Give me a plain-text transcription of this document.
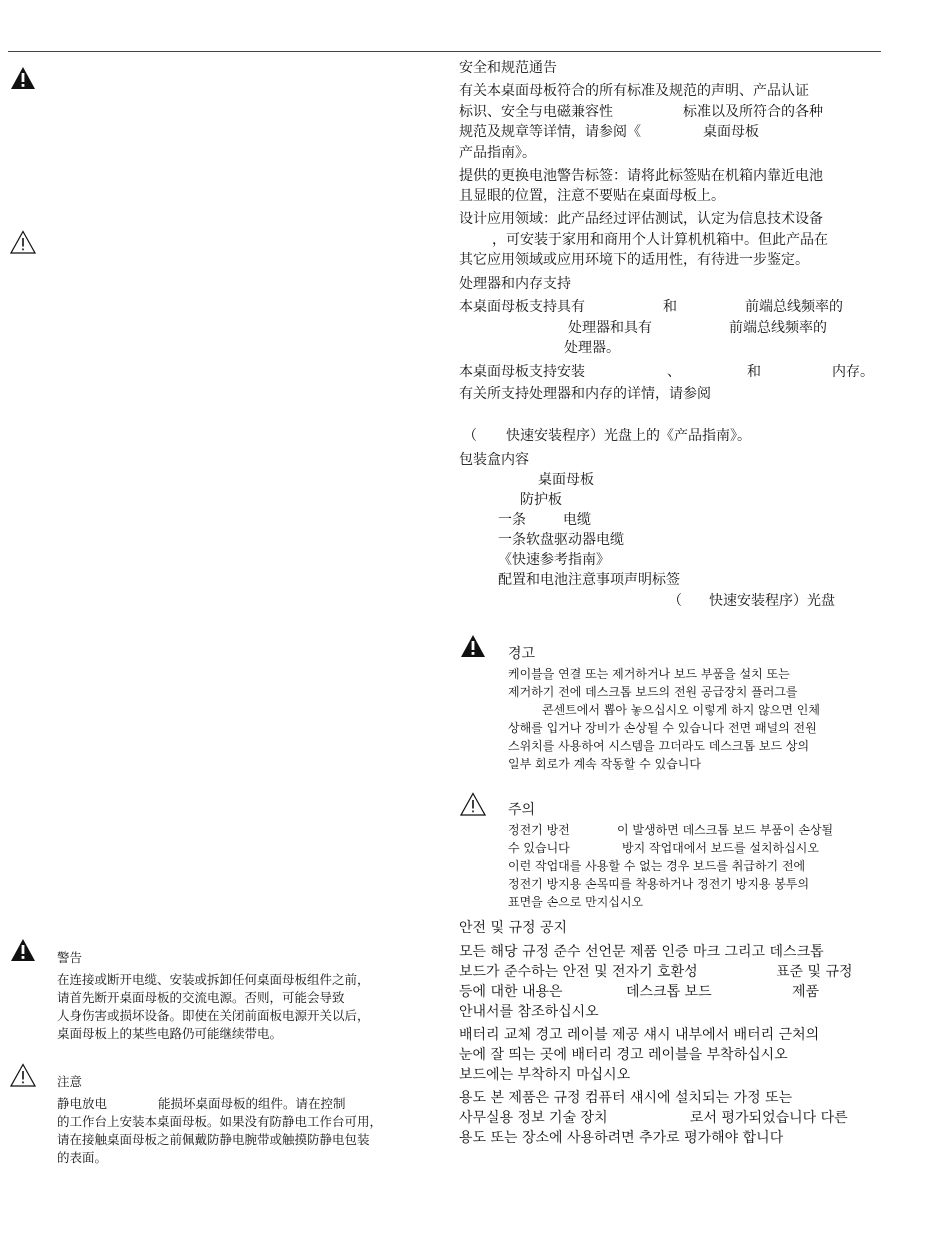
安全和规范通告
有关本桌面母板符合的所有标准及规范的声明、产品认证
标识、安全与电磁兼容性	标准以及所符合的各种
规范及规章等详情，请参阅《	桌面母板
产品指南》。
提供的更换电池警告标签：请将此标签贴在机箱内靠近电池
且显眼的位置，注意不要贴在桌面母板上。
设计应用领域：此产品经过评估测试，认定为信息技术设备
，可安装于家用和商用个人计算机机箱中。但此产品在
其它应用领域或应用环境下的适用性，有待进一步鉴定。
处理器和内存支持
本桌面母板支持具有	和	前端总线频率的
处理器和具有	前端总线频率的
处理器。
本桌面母板支持安装	、	和	内存。
有关所支持处理器和内存的详情，请参阅
（ 快速安装程序）光盘上的《产品指南》。
包装盒内容
桌面母板
防护板
一条	电缆
一条软盘驱动器电缆
《快速参考指南》
配置和电池注意事项声明标签
（ 快速安装程序）光盘
경고
케이블을 연결 또는 제거하거나 보드 부품을 설치 또는
제거하기 전에 데스크톱 보드의 전원 공급장치 플러그를
콘센트에서 뽑아 놓으십시오 이렇게 하지 않으면 인체
상해를 입거나 장비가 손상될 수 있습니다 전면 패널의 전원
스위치를 사용하여 시스템을 끄더라도 데스크톱 보드 상의
일부 회로가 계속 작동할 수 있습니다
주의
정전기 방전	이 발생하면 데스크톱 보드 부품이 손상될
수 있습니다	방지 작업대에서 보드를 설치하십시오
이런 작업대를 사용할 수 없는 경우 보드를 취급하기 전에
정전기 방지용 손목띠를 착용하거나 정전기 방지용 봉투의
표면을 손으로 만지십시오
안전 및 규정 공지
모든 해당 규정 준수 선언문 제품 인증 마크 그리고 데스크톱
보드가 준수하는 안전 및 전자기 호환성	표준 및 규정
등에 대한 내용은	데스크톱 보드	제품
안내서를 참조하십시오
배터리 교체 경고 레이블 제공 섀시 내부에서 배터리 근처의
눈에 잘 띄는 곳에 배터리 경고 레이블을 부착하십시오
보드에는 부착하지 마십시오
용도 본 제품은 규정 컴퓨터 섀시에 설치되는 가정 또는
사무실용 정보 기술 장치	로서 평가되었습니다 다른
용도 또는 장소에 사용하려면 추가로 평가해야 합니다
警告
在连接或断开电缆、安装或拆卸任何桌面母板组件之前，
请首先断开桌面母板的交流电源。否则，可能会导致
人身伤害或损坏设备。即使在关闭前面板电源开关以后，
桌面母板上的某些电路仍可能继续带电。
注意
静电放电	能损坏桌面母板的组件。请在控制
的工作台上安装本桌面母板。如果没有防静电工作台可用，
请在接触桌面母板之前佩戴防静电腕带或触摸防静电包装
的表面。
